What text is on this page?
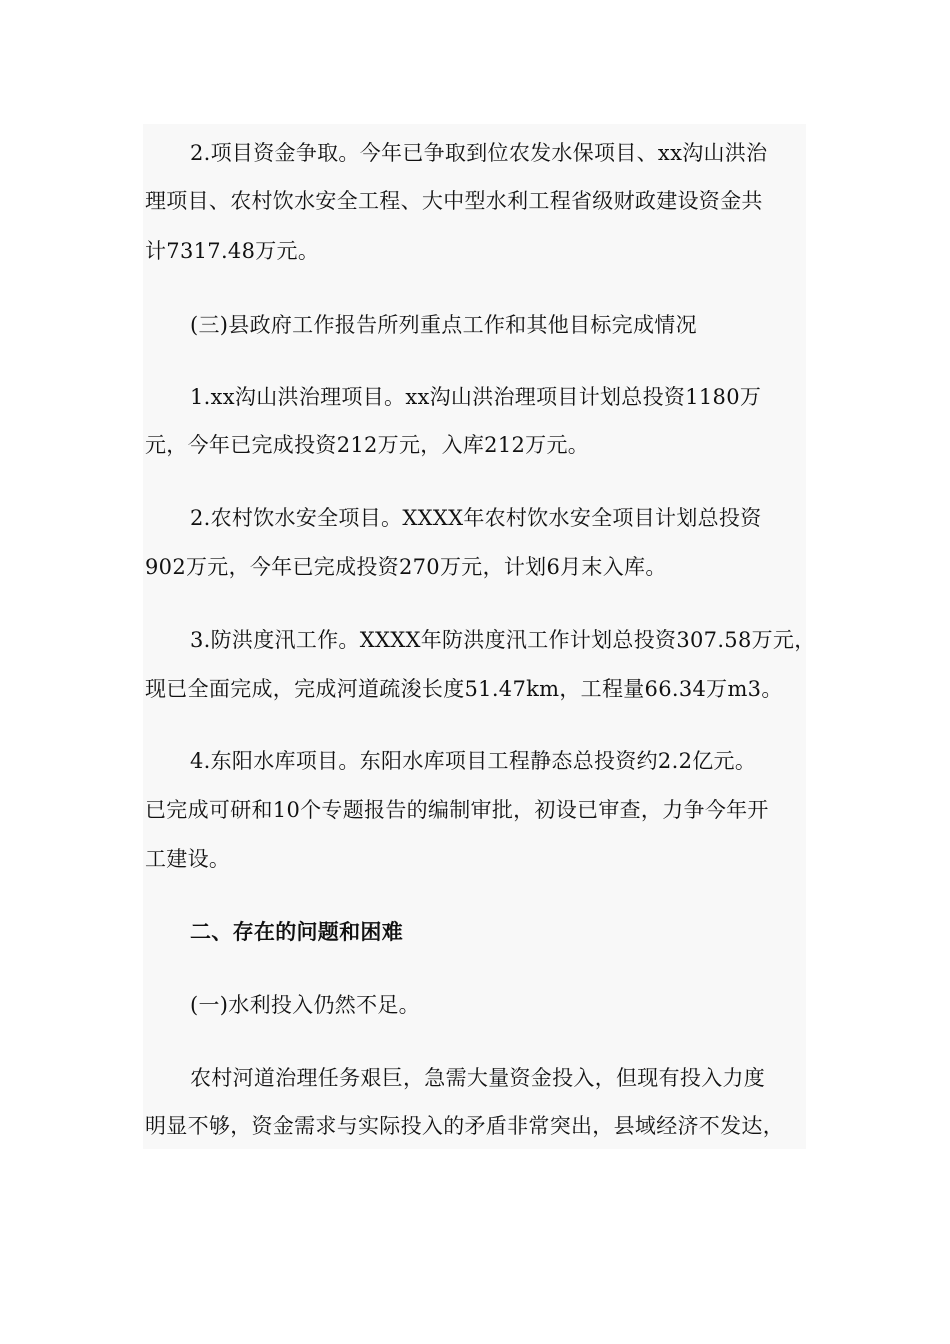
2.项目资金争取。今年已争取到位农发水保项目、xx沟山洪治
理项目、农村饮水安全工程、大中型水利工程省级财政建设资金共
计7317.48万元。
(三)县政府工作报告所列重点工作和其他目标完成情况
1.xx沟山洪治理项目。xx沟山洪治理项目计划总投资1180万
元，今年已完成投资212万元，入库212万元。
2.农村饮水安全项目。XXXX年农村饮水安全项目计划总投资
902万元，今年已完成投资270万元，计划6月末入库。
3.防洪度汛工作。XXXX年防洪度汛工作计划总投资307.58万元，
现已全面完成，完成河道疏浚长度51.47km，工程量66.34万m3。
4.东阳水库项目。东阳水库项目工程静态总投资约2.2亿元。
已完成可研和10个专题报告的编制审批，初设已审查，力争今年开
工建设。
二、存在的问题和困难
(一)水利投入仍然不足。
农村河道治理任务艰巨，急需大量资金投入，但现有投入力度
明显不够，资金需求与实际投入的矛盾非常突出，县域经济不发达，
